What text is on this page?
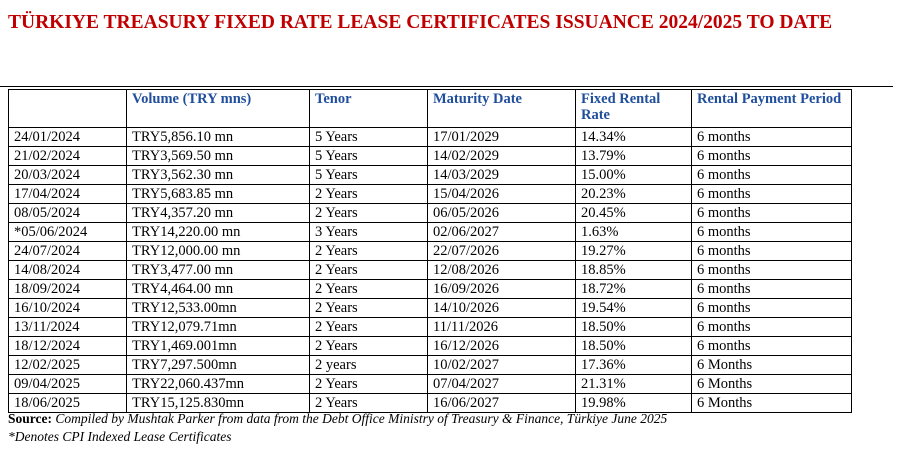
TÜRKIYE TREASURY FIXED RATE LEASE CERTIFICATES ISSUANCE 2024/2025 TO DATE
	Volume (TRY mns)	Tenor	Maturity Date	Fixed Rental Rate	Rental Payment Period
24/01/2024	TRY5,856.10 mn	5 Years	17/01/2029	14.34%	6 months
21/02/2024	TRY3,569.50 mn	5 Years	14/02/2029	13.79%	6 months
20/03/2024	TRY3,562.30 mn	5 Years	14/03/2029	15.00%	6 months
17/04/2024	TRY5,683.85 mn	2 Years	15/04/2026	20.23%	6 months
08/05/2024	TRY4,357.20 mn	2 Years	06/05/2026	20.45%	6 months
*05/06/2024	TRY14,220.00 mn	3 Years	02/06/2027	1.63%	6 months
24/07/2024	TRY12,000.00 mn	2 Years	22/07/2026	19.27%	6 months
14/08/2024	TRY3,477.00 mn	2 Years	12/08/2026	18.85%	6 months
18/09/2024	TRY4,464.00 mn	2 Years	16/09/2026	18.72%	6 months
16/10/2024	TRY12,533.00mn	2 Years	14/10/2026	19.54%	6 months
13/11/2024	TRY12,079.71mn	2 Years	11/11/2026	18.50%	6 months
18/12/2024	TRY1,469.001mn	2 Years	16/12/2026	18.50%	6 months
12/02/2025	TRY7,297.500mn	2 years	10/02/2027	17.36%	6 Months
09/04/2025	TRY22,060.437mn	2 Years	07/04/2027	21.31%	6 Months
18/06/2025	TRY15,125.830mn	2 Years	16/06/2027	19.98%	6 Months
Source: Compiled by Mushtak Parker from data from the Debt Office Ministry of Treasury & Finance, Türkiye June 2025
*Denotes CPI Indexed Lease Certificates
